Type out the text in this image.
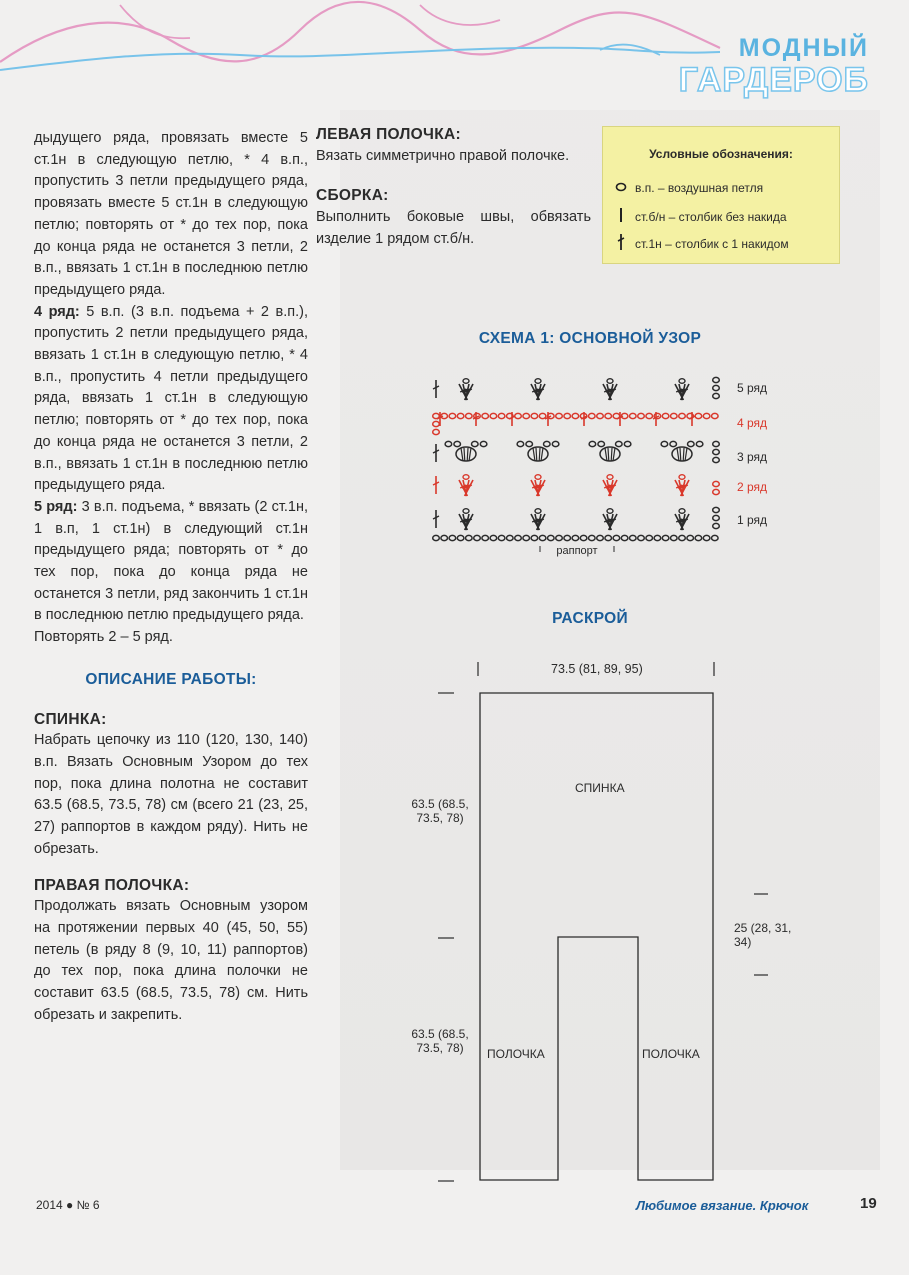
МОДНЫЙ
ГАРДЕРОБ

дыдущего ряда, провязать вместе 5 ст.1н в следующую петлю, * 4 в.п., пропустить 3 петли предыдущего ряда, провязать вместе 5 ст.1н в следующую петлю; повторять от * до тех пор, пока до конца ряда не останется 3 петли, 2 в.п., ввязать 1 ст.1н в последнюю петлю предыдущего ряда.

4 ряд: 5 в.п. (3 в.п. подъема + 2 в.п.), пропустить 2 петли предыдущего ряда, ввязать 1 ст.1н в следующую петлю, * 4 в.п., пропустить 4 петли предыдущего ряда, ввязать 1 ст.1н в следующую петлю; повторять от * до тех пор, пока до конца ряда не останется 3 петли, 2 в.п., ввязать 1 ст.1н в последнюю петлю предыдущего ряда.

5 ряд: 3 в.п. подъема, * ввязать (2 ст.1н, 1 в.п, 1 ст.1н) в следующий ст.1н предыдущего ряда; повторять от * до тех пор, пока до конца ряда не останется 3 петли, ряд закончить 1 ст.1н в последнюю петлю предыдущего ряда.

Повторять 2 – 5 ряд.

ОПИСАНИЕ РАБОТЫ:

СПИНКА:

Набрать цепочку из 110 (120, 130, 140) в.п. Вязать Основным Узором до тех пор, пока длина полотна не составит 63.5 (68.5, 73.5, 78) см (всего 21 (23, 25, 27) раппортов в каждом ряду). Нить не обрезать.

ПРАВАЯ ПОЛОЧКА:

Продолжать вязать Основным узором на протяжении первых 40 (45, 50, 55) петель (в ряду 8 (9, 10, 11) раппортов) до тех пор, пока длина полочки не составит 63.5 (68.5, 73.5, 78) см. Нить обрезать и закрепить.

ЛЕВАЯ ПОЛОЧКА:

Вязать симметрично правой полочке.

СБОРКА:

Выполнить боковые швы, обвязать изделие 1 рядом ст.б/н.

Условные обозначения:
в.п. – воздушная петля
ст.б/н – столбик без накида
ст.1н – столбик с 1 накидом
СХЕМА 1: ОСНОВНОЙ УЗОР
раппорт
5 ряд
4 ряд
3 ряд
2 ряд
1 ряд
РАСКРОЙ
73.5 (81, 89, 95)
63.5 (68.5, 73.5, 78)
63.5 (68.5, 73.5, 78)
25 (28, 31, 34)
СПИНКА
ПОЛОЧКА	ПОЛОЧКА
2014 ● № 6	Любимое вязание. Крючок	19
